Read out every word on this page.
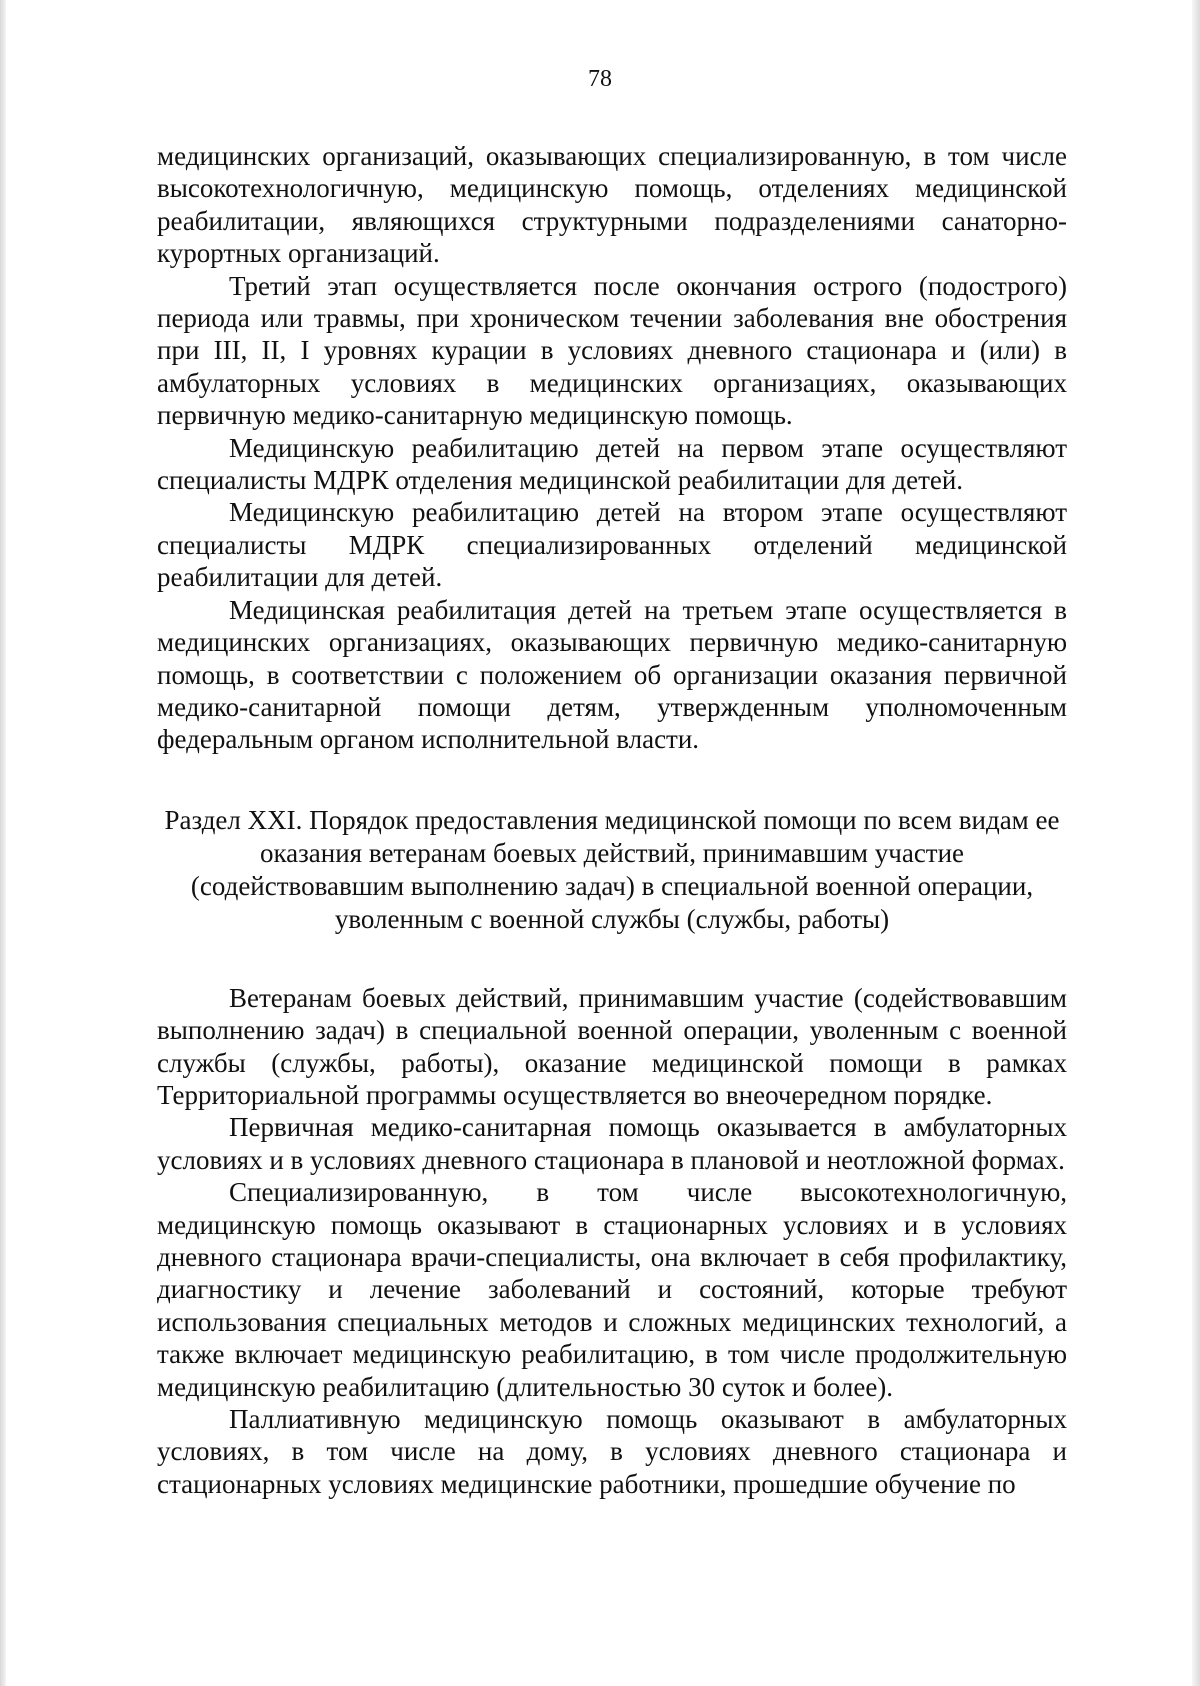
78

медицинских организаций, оказывающих специализированную, в том числе высокотехнологичную, медицинскую помощь, отделениях медицинской реабилитации, являющихся структурными подразделениями санаторно-курортных организаций.

Третий этап осуществляется после окончания острого (подострого) периода или травмы, при хроническом течении заболевания вне обострения при III, II, I уровнях курации в условиях дневного стационара и (или) в амбулаторных условиях в медицинских организациях, оказывающих первичную медико-санитарную медицинскую помощь.

Медицинскую реабилитацию детей на первом этапе осуществляют специалисты МДРК отделения медицинской реабилитации для детей.

Медицинскую реабилитацию детей на втором этапе осуществляют специалисты МДРК специализированных отделений медицинской реабилитации для детей.

Медицинская реабилитация детей на третьем этапе осуществляется в медицинских организациях, оказывающих первичную медико-санитарную помощь, в соответствии с положением об организации оказания первичной медико-санитарной помощи детям, утвержденным уполномоченным федеральным органом исполнительной власти.

Раздел XXI. Порядок предоставления медицинской помощи по всем видам ее оказания ветеранам боевых действий, принимавшим участие (содействовавшим выполнению задач) в специальной военной операции, уволенным с военной службы (службы, работы)

Ветеранам боевых действий, принимавшим участие (содействовавшим выполнению задач) в специальной военной операции, уволенным с военной службы (службы, работы), оказание медицинской помощи в рамках Территориальной программы осуществляется во внеочередном порядке.

Первичная медико-санитарная помощь оказывается в амбулаторных условиях и в условиях дневного стационара в плановой и неотложной формах.

Специализированную, в том числе высокотехнологичную, медицинскую помощь оказывают в стационарных условиях и в условиях дневного стационара врачи-специалисты, она включает в себя профилактику, диагностику и лечение заболеваний и состояний, которые требуют использования специальных методов и сложных медицинских технологий, а также включает медицинскую реабилитацию, в том числе продолжительную медицинскую реабилитацию (длительностью 30 суток и более).

Паллиативную медицинскую помощь оказывают в амбулаторных условиях, в том числе на дому, в условиях дневного стационара и стационарных условиях медицинские работники, прошедшие обучение по
